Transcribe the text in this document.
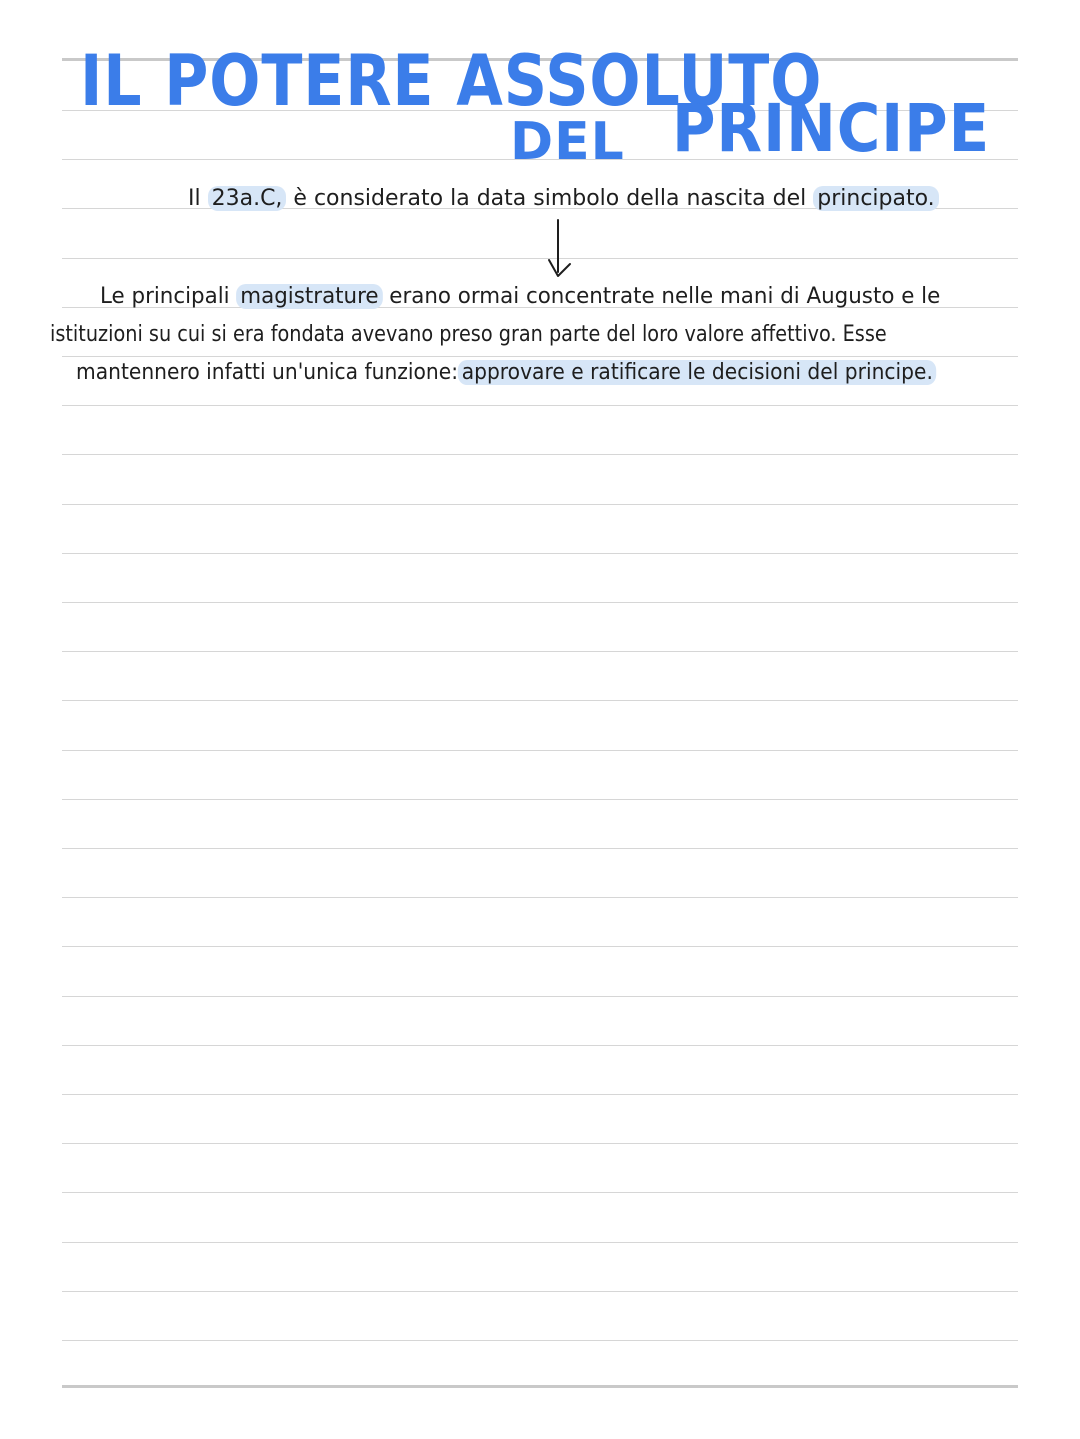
IL POTERE ASSOLUTO
DEL PRINCIPE
Il 23a.C, è considerato la data simbolo della nascita del principato.
Le principali magistrature erano ormai concentrate nelle mani di Augusto e le
istituzioni su cui si era fondata avevano preso gran parte del loro valore affettivo. Esse
mantennero infatti un'unica funzione: approvare e ratificare le decisioni del principe.
